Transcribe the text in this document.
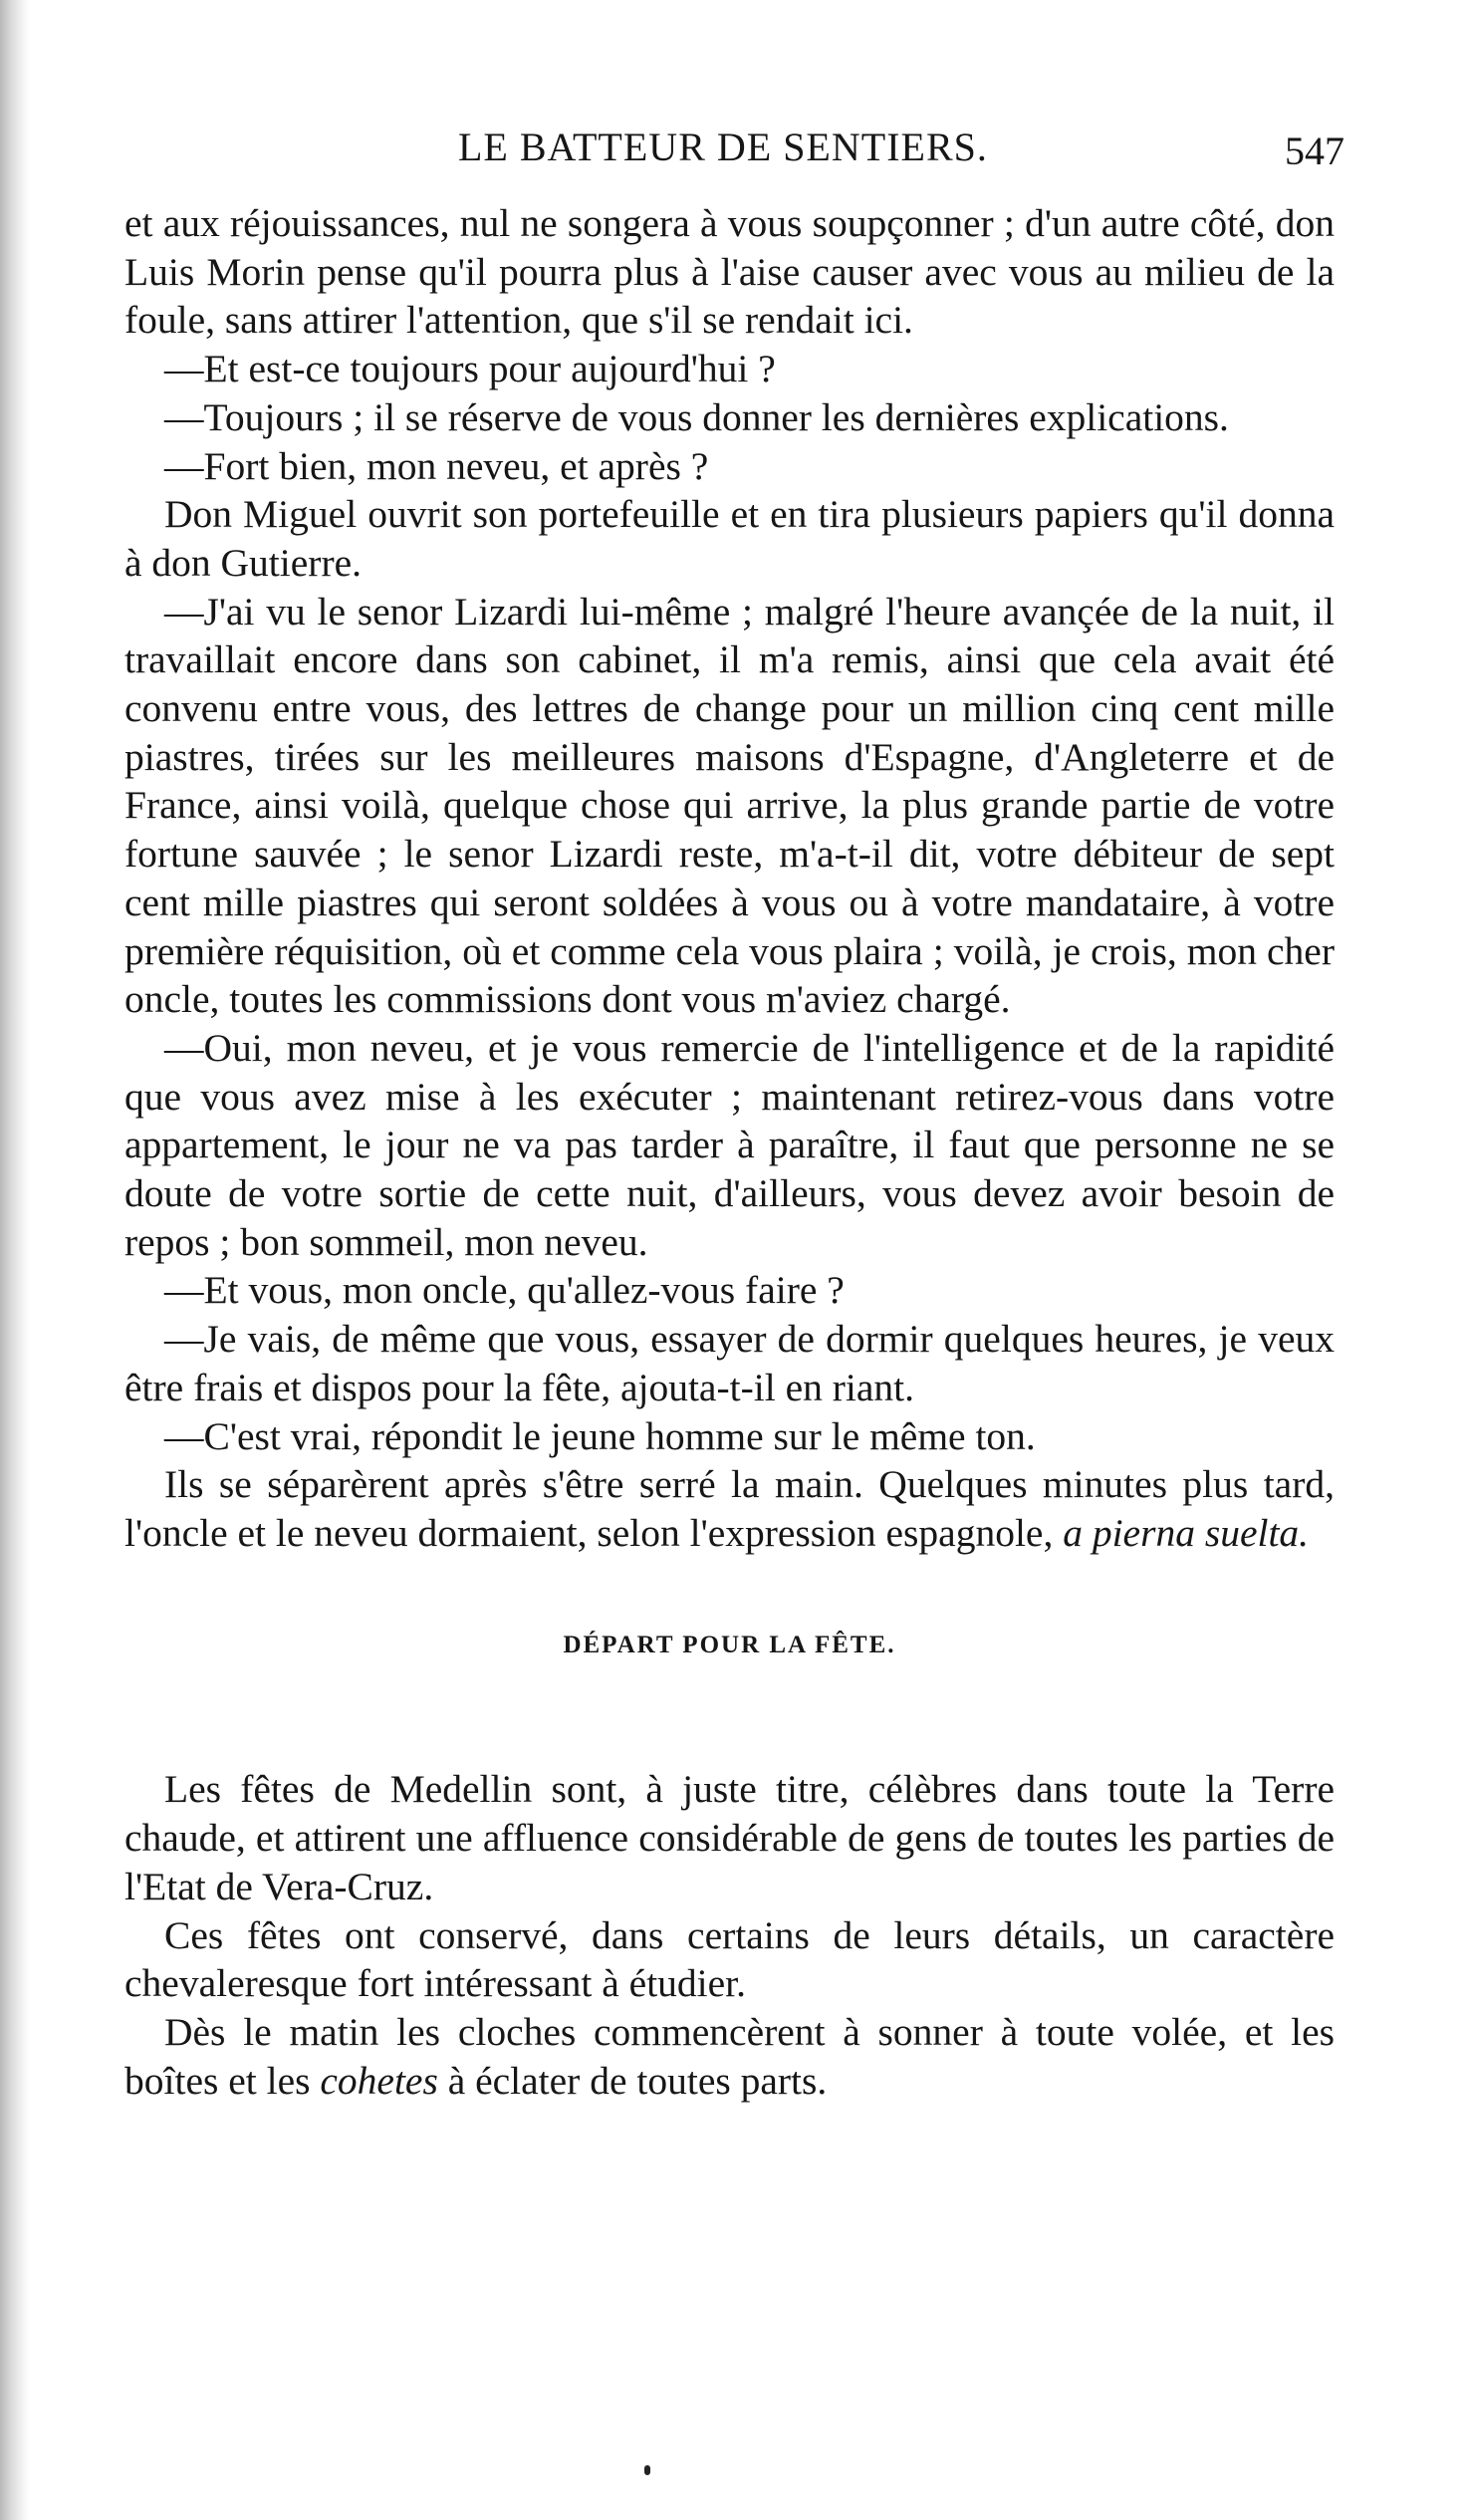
LE BATTEUR DE SENTIERS.	547

et aux réjouissances, nul ne songera à vous soupçonner ; d'un autre côté, don Luis Morin pense qu'il pourra plus à l'aise causer avec vous au milieu de la foule, sans attirer l'attention, que s'il se rendait ici.

—Et est-ce toujours pour aujourd'hui ?

—Toujours ; il se réserve de vous donner les dernières explications.

—Fort bien, mon neveu, et après ?

Don Miguel ouvrit son portefeuille et en tira plusieurs papiers qu'il donna à don Gutierre.

—J'ai vu le senor Lizardi lui-même ; malgré l'heure avançée de la nuit, il travaillait encore dans son cabinet, il m'a remis, ainsi que cela avait été convenu entre vous, des lettres de change pour un million cinq cent mille piastres, tirées sur les meilleures maisons d'Espagne, d'Angleterre et de France, ainsi voilà, quelque chose qui arrive, la plus grande partie de votre fortune sauvée ; le senor Lizardi reste, m'a-t-il dit, votre débiteur de sept cent mille piastres qui seront soldées à vous ou à votre mandataire, à votre première réquisition, où et comme cela vous plaira ; voilà, je crois, mon cher oncle, toutes les commissions dont vous m'aviez chargé.

—Oui, mon neveu, et je vous remercie de l'intelligence et de la rapidité que vous avez mise à les exécuter ; maintenant retirez-vous dans votre appartement, le jour ne va pas tarder à paraître, il faut que personne ne se doute de votre sortie de cette nuit, d'ailleurs, vous devez avoir besoin de repos ; bon sommeil, mon neveu.

—Et vous, mon oncle, qu'allez-vous faire ?

—Je vais, de même que vous, essayer de dormir quelques heures, je veux être frais et dispos pour la fête, ajouta-t-il en riant.

—C'est vrai, répondit le jeune homme sur le même ton.

Ils se séparèrent après s'être serré la main. Quelques minutes plus tard, l'oncle et le neveu dormaient, selon l'expression espagnole, a pierna suelta.

DÉPART POUR LA FÊTE.

Les fêtes de Medellin sont, à juste titre, célèbres dans toute la Terre chaude, et attirent une affluence considérable de gens de toutes les parties de l'Etat de Vera-Cruz.

Ces fêtes ont conservé, dans certains de leurs détails, un caractère chevaleresque fort intéressant à étudier.

Dès le matin les cloches commencèrent à sonner à toute volée, et les boîtes et les cohetes à éclater de toutes parts.
